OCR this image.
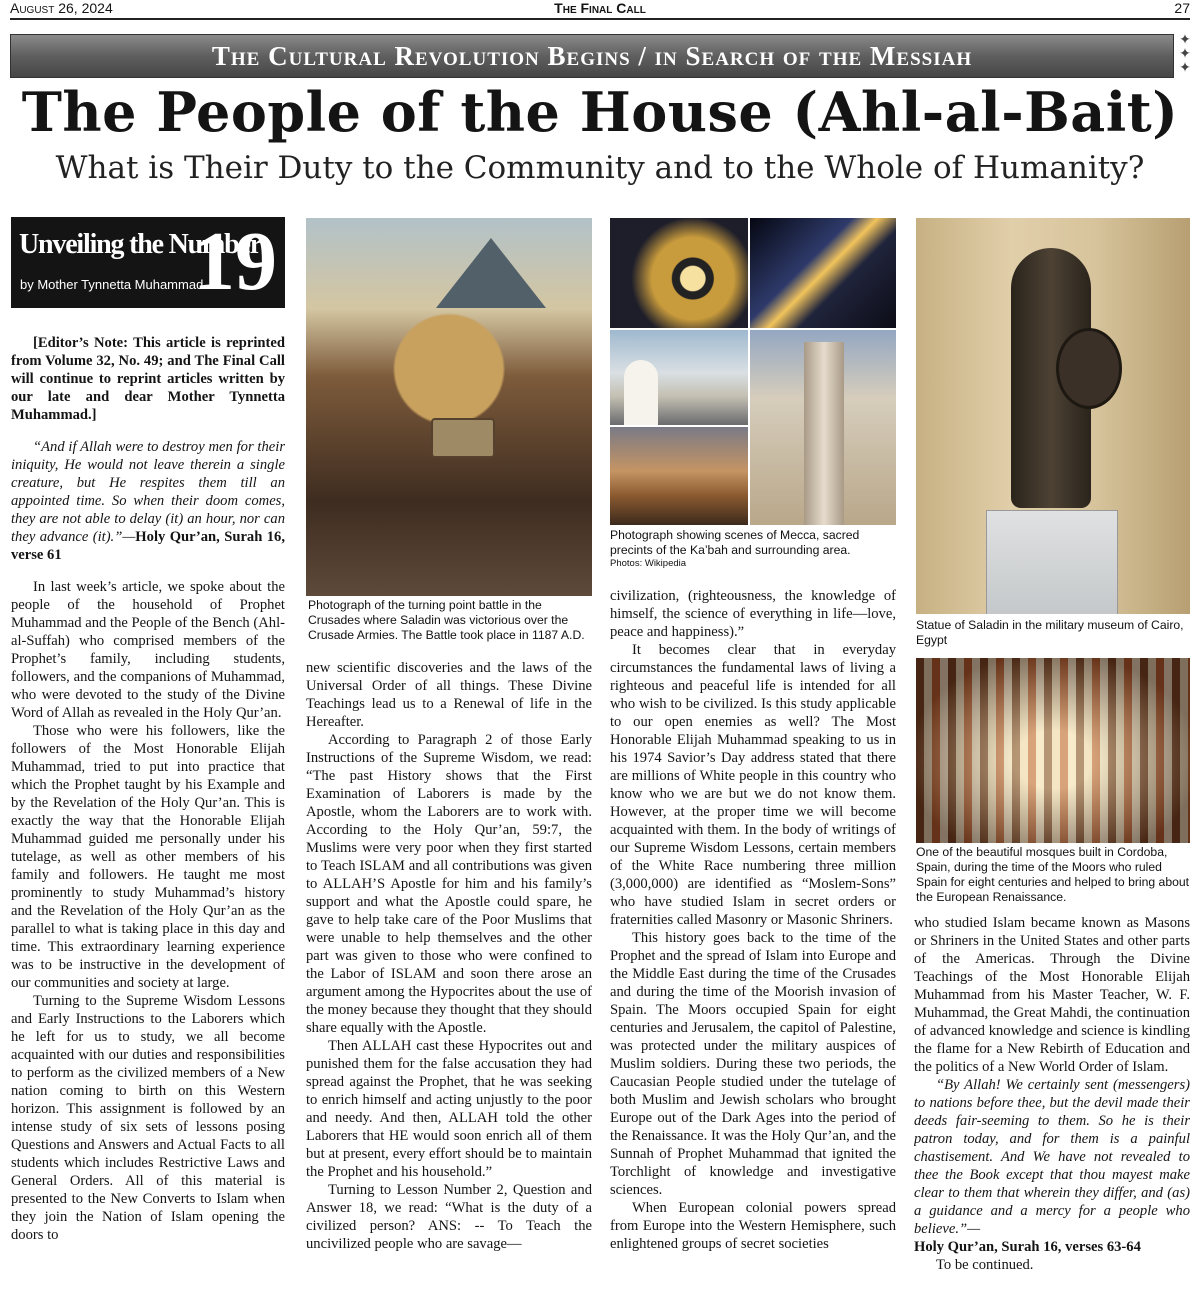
August 26, 2024	The Final Call	27
The Cultural Revolution Begins / in Search of the Messiah
✦
✦
✦
The People of the House (Ahl-al-Bait)
What is Their Duty to the Community and to the Whole of Humanity?
Unveiling the Number
by Mother Tynnetta Muhammad
19

[Editor’s Note: This article is reprinted from Volume 32, No. 49; and The Final Call will continue to reprint articles written by our late and dear Mother Tynnetta Muhammad.]

“And if Allah were to destroy men for their iniquity, He would not leave therein a single creature, but He respites them till an appointed time. So when their doom comes, they are not able to delay (it) an hour, nor can they advance (it).”—Holy Qur’an, Surah 16, verse 61

In last week’s article, we spoke about the people of the household of Prophet Muhammad and the People of the Bench (Ahl-al-Suffah) who comprised members of the Prophet’s family, including students, followers, and the companions of Muhammad, who were devoted to the study of the Divine Word of Allah as revealed in the Holy Qur’an.

Those who were his followers, like the followers of the Most Honorable Elijah Muhammad, tried to put into practice that which the Prophet taught by his Example and by the Revelation of the Holy Qur’an. This is exactly the way that the Honorable Elijah Muhammad guided me personally under his tutelage, as well as other members of his family and followers. He taught me most prominently to study Muhammad’s history and the Revelation of the Holy Qur’an as the parallel to what is taking place in this day and time. This extraordinary learning experience was to be instructive in the development of our communities and society at large.

Turning to the Supreme Wisdom Lessons and Early Instructions to the Laborers which he left for us to study, we all become acquainted with our duties and responsibilities to perform as the civilized members of a New nation coming to birth on this Western horizon. This assignment is followed by an intense study of six sets of lessons posing Questions and Answers and Actual Facts to all students which includes Restrictive Laws and General Orders. All of this material is presented to the New Converts to Islam when they join the Nation of Islam opening the doors to

Photograph of the turning point battle in the Crusades where Saladin was victorious over the Crusade Armies. The Battle took place in 1187 A.D.

new scientific discoveries and the laws of the Universal Order of all things. These Divine Teachings lead us to a Renewal of life in the Hereafter.

According to Paragraph 2 of those Early Instructions of the Supreme Wisdom, we read: “The past History shows that the First Examination of Laborers is made by the Apostle, whom the Laborers are to work with. According to the Holy Qur’an, 59:7, the Muslims were very poor when they first started to Teach ISLAM and all contributions was given to ALLAH’S Apostle for him and his family’s support and what the Apostle could spare, he gave to help take care of the Poor Muslims that were unable to help themselves and the other part was given to those who were confined to the Labor of ISLAM and soon there arose an argument among the Hypocrites about the use of the money because they thought that they should share equally with the Apostle.

Then ALLAH cast these Hypocrites out and punished them for the false accusation they had spread against the Prophet, that he was seeking to enrich himself and acting unjustly to the poor and needy. And then, ALLAH told the other Laborers that HE would soon enrich all of them but at present, every effort should be to maintain the Prophet and his household.”

Turning to Lesson Number 2, Question and Answer 18, we read: “What is the duty of a civilized person? ANS: -- To Teach the uncivilized people who are savage—

Photograph showing scenes of Mecca, sacred precints of the Ka’bah and surrounding area.
Photos: Wikipedia

civilization, (righteousness, the knowledge of himself, the science of everything in life—love, peace and happiness).”

It becomes clear that in everyday circumstances the fundamental laws of living a righteous and peaceful life is intended for all who wish to be civilized. Is this study applicable to our open enemies as well? The Most Honorable Elijah Muhammad speaking to us in his 1974 Savior’s Day address stated that there are millions of White people in this country who know who we are but we do not know them. However, at the proper time we will become acquainted with them. In the body of writings of our Supreme Wisdom Lessons, certain members of the White Race numbering three million (3,000,000) are identified as “Moslem-Sons” who have studied Islam in secret orders or fraternities called Masonry or Masonic Shriners.

This history goes back to the time of the Prophet and the spread of Islam into Europe and the Middle East during the time of the Crusades and during the time of the Moorish invasion of Spain. The Moors occupied Spain for eight centuries and Jerusalem, the capitol of Palestine, was protected under the military auspices of Muslim soldiers. During these two periods, the Caucasian People studied under the tutelage of both Muslim and Jewish scholars who brought Europe out of the Dark Ages into the period of the Renaissance. It was the Holy Qur’an, and the Sunnah of Prophet Muhammad that ignited the Torchlight of knowledge and investigative sciences.

When European colonial powers spread from Europe into the Western Hemisphere, such enlightened groups of secret societies

Statue of Saladin in the military museum of Cairo, Egypt
One of the beautiful mosques built in Cordoba, Spain, during the time of the Moors who ruled Spain for eight centuries and helped to bring about the European Renaissance.

who studied Islam became known as Masons or Shriners in the United States and other parts of the Americas. Through the Divine Teachings of the Most Honorable Elijah Muhammad from his Master Teacher, W. F. Muhammad, the Great Mahdi, the continuation of advanced knowledge and science is kindling the flame for a New Rebirth of Education and the politics of a New World Order of Islam.

“By Allah! We certainly sent (messengers) to nations before thee, but the devil made their deeds fair-seeming to them. So he is their patron today, and for them is a painful chastisement. And We have not revealed to thee the Book except that thou mayest make clear to them that wherein they differ, and (as) a guidance and a mercy for a people who believe.”—

Holy Qur’an, Surah 16, verses 63-64

To be continued.
